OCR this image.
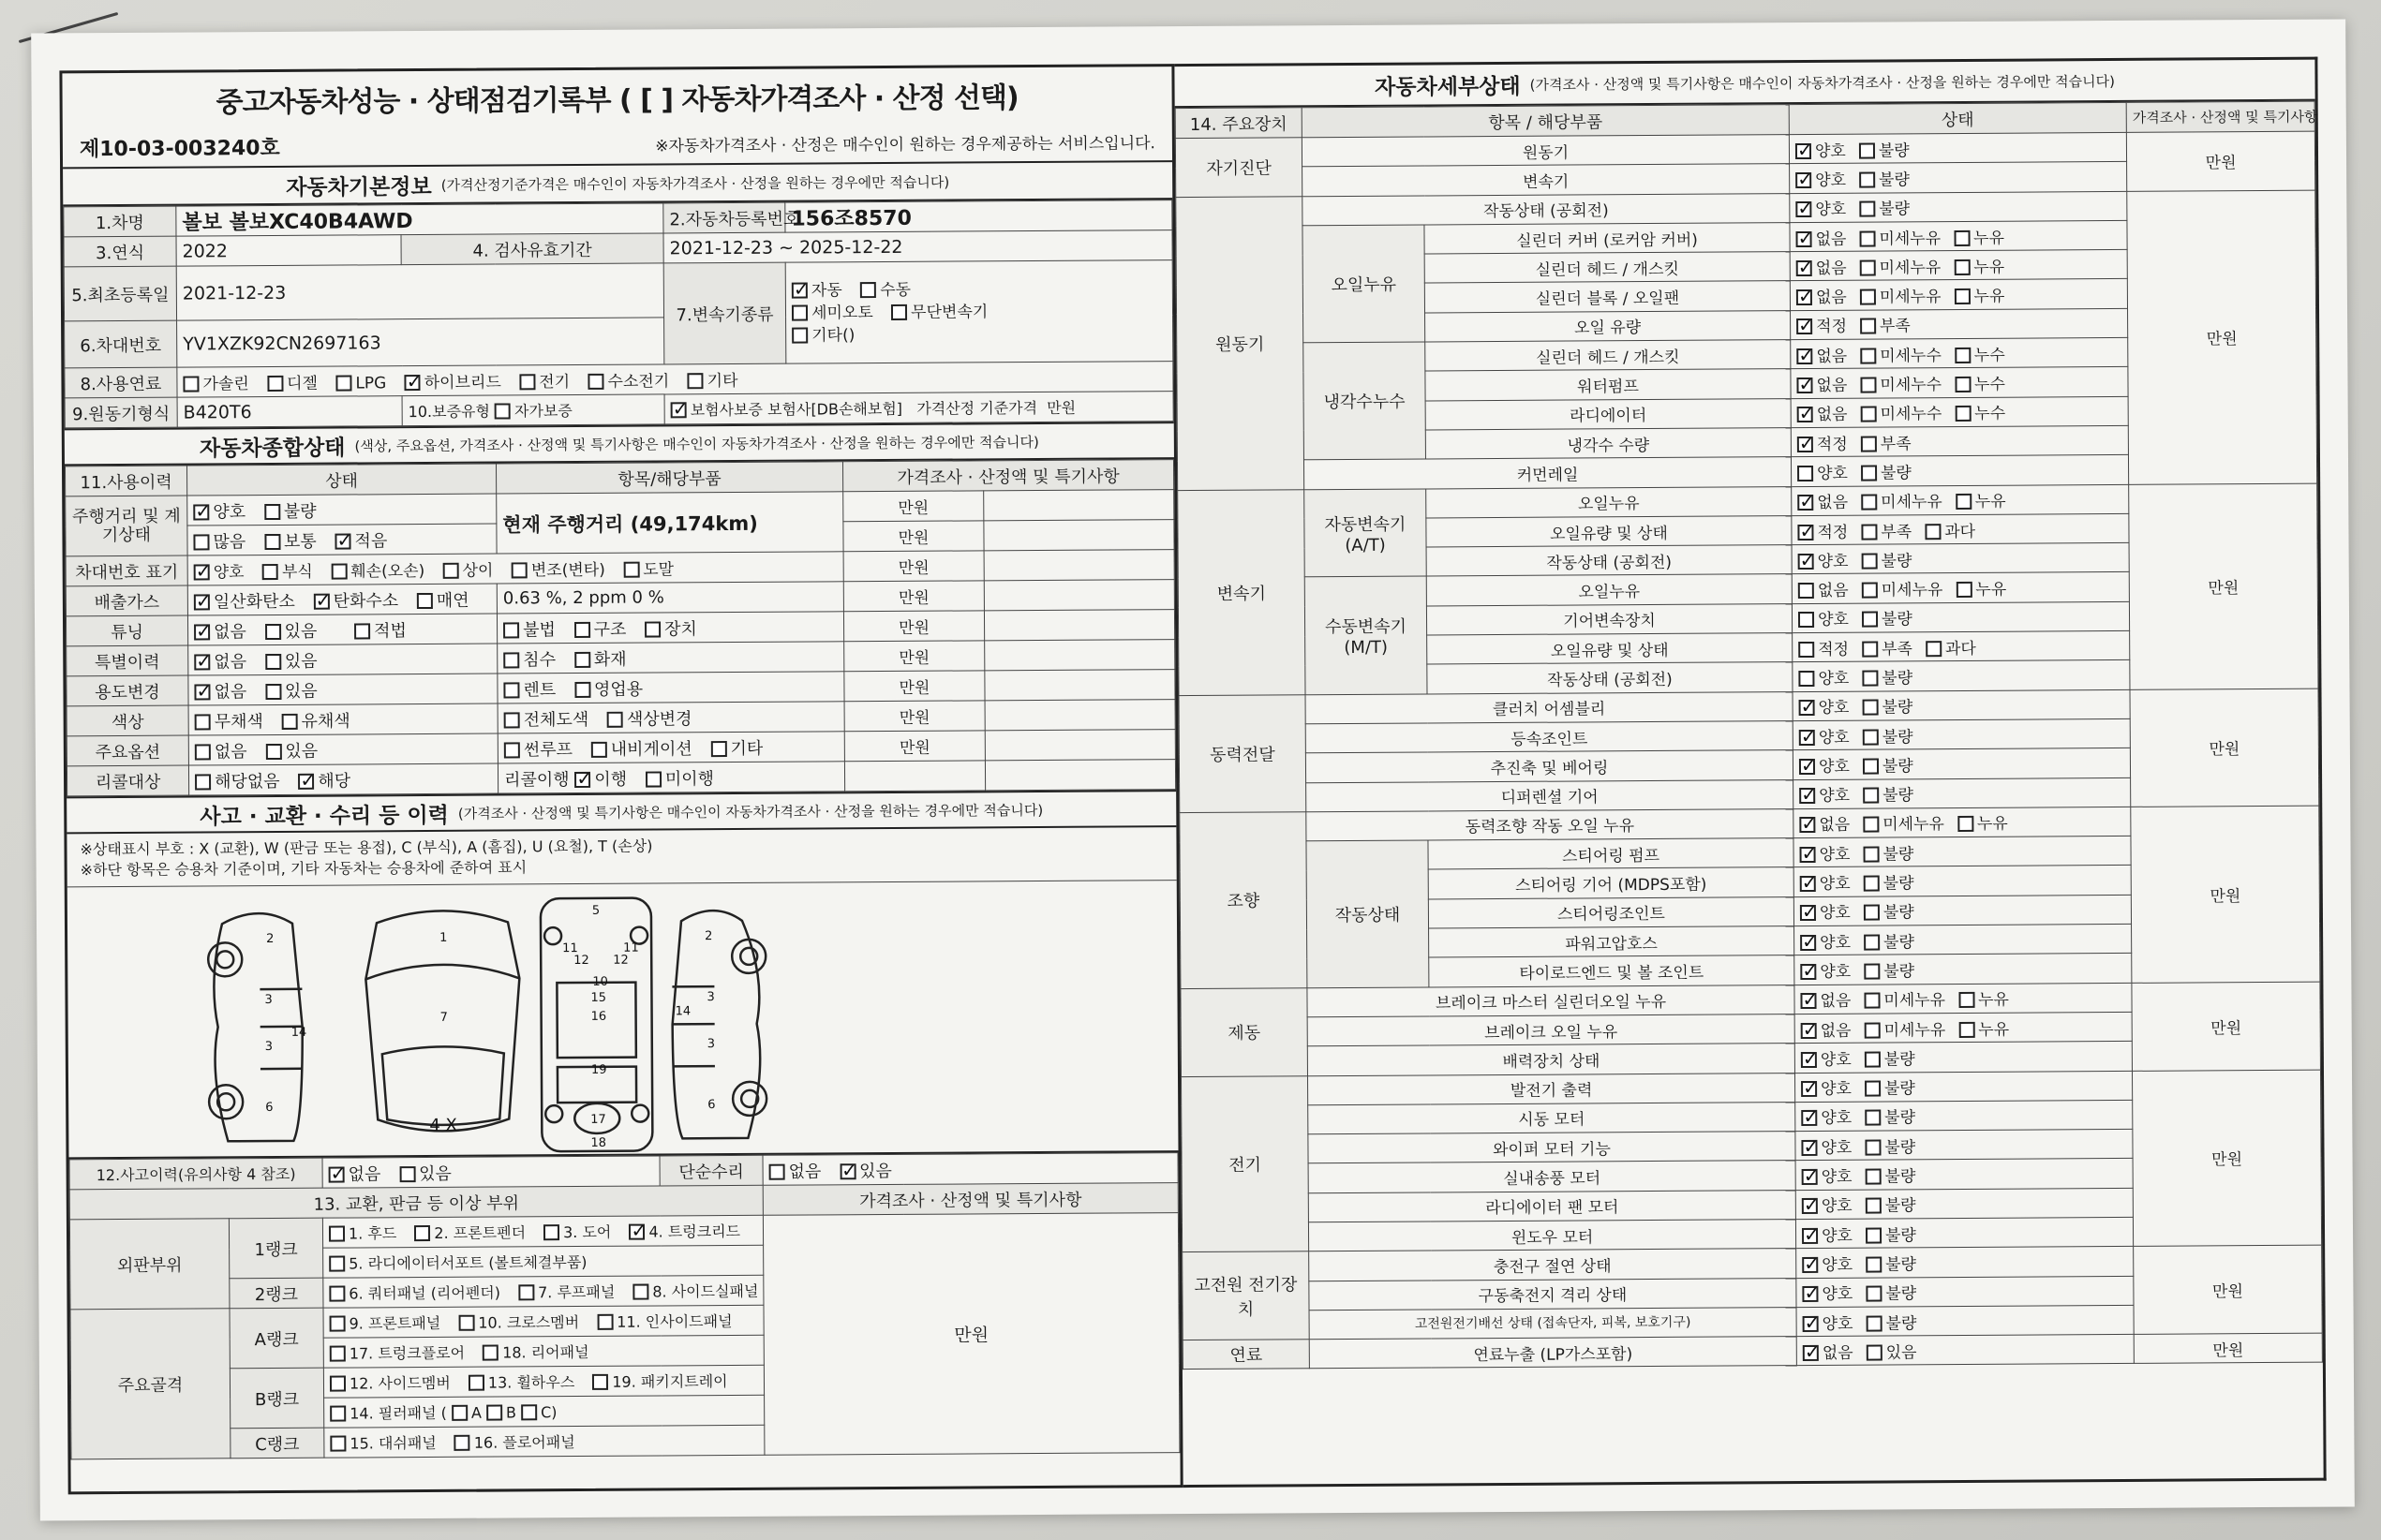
중고자동차성능 · 상태점검기록부 ( [ ] 자동차가격조사 · 산정 선택)
제10-03-003240호	※자동차가격조사 · 산정은 매수인이 원하는 경우제공하는 서비스입니다.
자동차기본정보 (가격산정기준가격은 매수인이 자동차가격조사 · 산정을 원하는 경우에만 적습니다)
1.차명	볼보 볼보XC40B4AWD		2.자동차등록번호	156조8570
3.연식	2022	4. 검사유효기간	2021-12-23 ~ 2025-12-22	
5.최초등록일	2021-12-23		7.변속기종류	✓자동 수동
세미오토 무단변속기
기타()
6.차대번호	YV1XZK92CN2697163			
8.사용연료	가솔린 디젤 LPG ✓ 하이브리드 전기 수소전기 기타
9.원동기형식	B420T6	10.보증유형 자가보증	✓보험사보증 보험사[DB손해보험] 가격산정 기준가격 만원
자동차종합상태 (색상, 주요옵션, 가격조사 · 산정액 및 특기사항은 매수인이 자동차가격조사 · 산정을 원하는 경우에만 적습니다)
11.사용이력	상태	항목/해당부품	가격조사 · 산정액 및 특기사항	
주행거리 및 계기상태	✓양호 불량	현재 주행거리 (49,174km)	만원	
	많음 보통 ✓ 적음		만원	
차대번호 표기	✓양호 부식 훼손(오손) 상이 변조(변타) 도말		만원	
배출가스	✓일산화탄소 ✓ 탄화수소 매연	0.63 %, 2 ppm 0 %	만원	
튜닝	✓없음 있음 적법	불법 구조 장치	만원	
특별이력	✓없음 있음	침수 화재	만원	
용도변경	✓없음 있음	렌트 영업용	만원	
색상	무채색 유채색	전체도색 색상변경	만원	
주요옵션	없음 있음	썬루프 내비게이션 기타	만원	
리콜대상	해당없음 ✓ 해당	리콜이행 ✓ 이행 미이행		
사고 · 교환 · 수리 등 이력 (가격조사 · 산정액 및 특기사항은 매수인이 자동차가격조사 · 산정을 원하는 경우에만 적습니다)
※상태표시 부호 : X (교환), W (판금 또는 용접), C (부식), A (흠집), U (요철), T (손상)
※하단 항목은 승용차 기준이며, 기타 자동차는 승용차에 준하여 표시
2
3
3
14
6
1
7
5
10
15
16
19
17
18
11	11
12 12
2
3
3
14
6
4 X
12.사고이력(유의사항 4 참조)	✓없음 있음	단순수리	없음 ✓ 있음
13. 교환, 판금 등 이상 부위				가격조사 · 산정액 및 특기사항
외판부위	1랭크	1. 후드 2. 프론트펜더 3. 도어 ✓ 4. 트렁크리드		만원
		5. 라디에이터서포트 (볼트체결부품)		
	2랭크	6. 쿼터패널 (리어펜더) 7. 루프패널 8. 사이드실패널		
주요골격	A랭크	9. 프론트패널 10. 크로스멤버 11. 인사이드패널		
		17. 트렁크플로어 18. 리어패널		
	B랭크	12. 사이드멤버 13. 휠하우스 19. 패키지트레이		
		14. 필러패널 ( A B C)		
	C랭크	15. 대쉬패널 16. 플로어패널		
자동차세부상태 (가격조사 · 산정액 및 특기사항은 매수인이 자동차가격조사 · 산정을 원하는 경우에만 적습니다)
14. 주요장치	항목 / 해당부품		상태	가격조사 · 산정액 및 특기사항
자기진단	원동기	✓양호 불량	만원
	변속기	✓양호 불량
원동기	작동상태 (공회전)	✓양호 불량	만원
	오일누유	실린더 커버 (로커암 커버)	✓없음 미세누유 누유
		실린더 헤드 / 개스킷	✓없음 미세누유 누유
		실린더 블록 / 오일팬	✓없음 미세누유 누유
		오일 유량	✓적정 부족
	냉각수누수	실린더 헤드 / 개스킷	✓없음 미세누수 누수
		워터펌프	✓없음 미세누수 누수
		라디에이터	✓없음 미세누수 누수
		냉각수 수량	✓적정 부족
	커먼레일		양호 불량	
변속기	자동변속기 (A/T)	오일누유	✓없음 미세누유 누유	만원
		오일유량 및 상태	✓적정 부족 과다
		작동상태 (공회전)	✓양호 불량
	수동변속기 (M/T)	오일누유	없음 미세누유 누유	
		기어변속장치	양호 불량	
		오일유량 및 상태	적정 부족 과다	
		작동상태 (공회전)	양호 불량	
동력전달	클러치 어셈블리	✓양호 불량	만원
	등속조인트	✓양호 불량
	추진축 및 베어링	✓양호 불량
	디퍼렌셜 기어	✓양호 불량
조향	동력조향 작동 오일 누유	✓없음 미세누유 누유	만원
	작동상태	스티어링 펌프	✓양호 불량
		스티어링 기어 (MDPS포함)	✓양호 불량
		스티어링조인트	✓양호 불량
		파워고압호스	✓양호 불량
		타이로드엔드 및 볼 조인트	✓양호 불량
제동	브레이크 마스터 실린더오일 누유	✓없음 미세누유 누유	만원
	브레이크 오일 누유	✓없음 미세누유 누유
	배력장치 상태	✓양호 불량
전기	발전기 출력	✓양호 불량	만원
	시동 모터	✓양호 불량
	와이퍼 모터 기능	✓양호 불량
	실내송풍 모터	✓양호 불량
	라디에이터 팬 모터	✓양호 불량
	윈도우 모터	✓양호 불량
고전원 전기장치	충전구 절연 상태	✓양호 불량	만원
	구동축전지 격리 상태	✓양호 불량
	고전원전기배선 상태 (접속단자, 피복, 보호기구)	✓양호 불량
연료	연료누출 (LP가스포함)	✓없음 있음	만원
